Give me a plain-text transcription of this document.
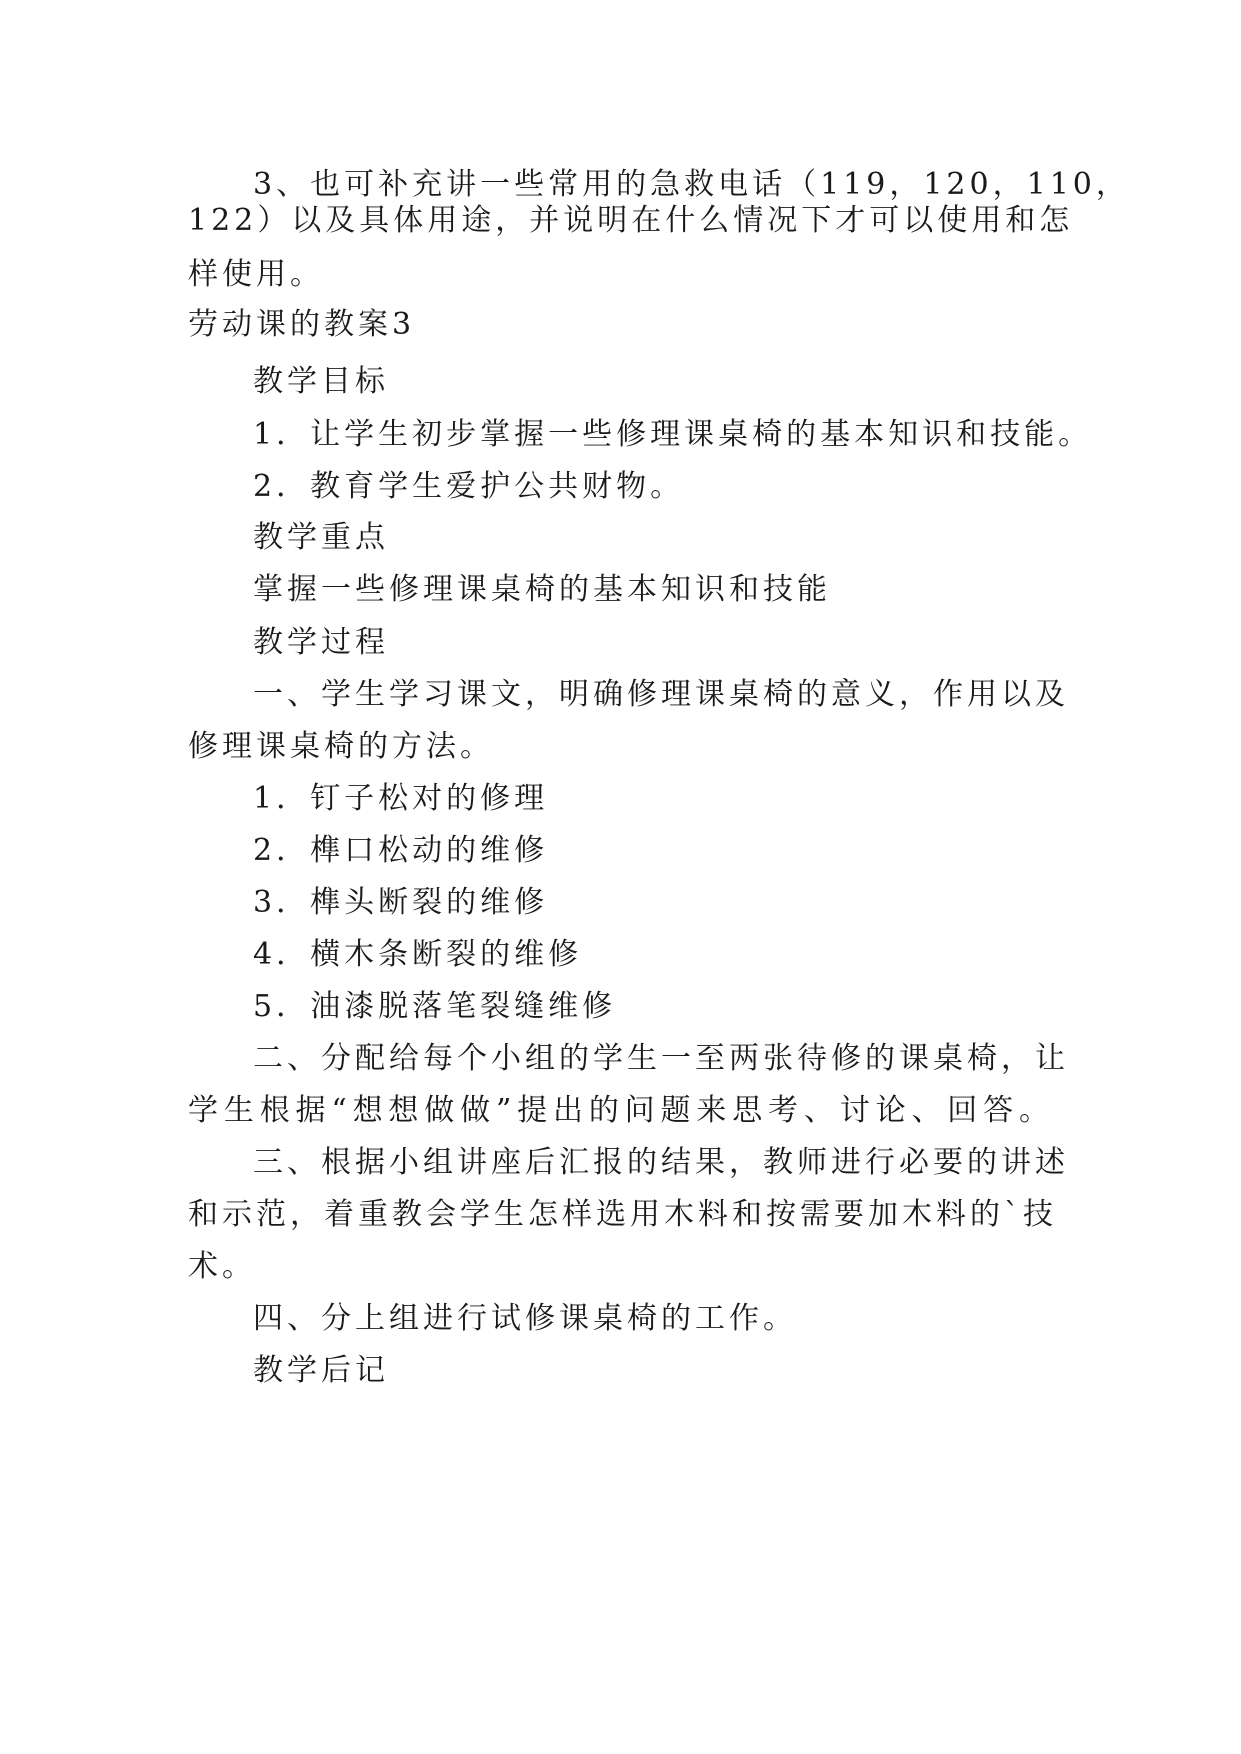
3、也可补充讲一些常用的急救电话（119，120，110，
122）以及具体用途，并说明在什么情况下才可以使用和怎
样使用。
劳动课的教案3
教学目标
1．让学生初步掌握一些修理课桌椅的基本知识和技能。
2．教育学生爱护公共财物。
教学重点
掌握一些修理课桌椅的基本知识和技能
教学过程
一、学生学习课文，明确修理课桌椅的意义，作用以及
修理课桌椅的方法。
1．钉子松对的修理
2．榫口松动的维修
3．榫头断裂的维修
4．横木条断裂的维修
5．油漆脱落笔裂缝维修
二、分配给每个小组的学生一至两张待修的课桌椅，让
学生根据“想想做做”提出的问题来思考、讨论、回答。
三、根据小组讲座后汇报的结果，教师进行必要的讲述
和示范，着重教会学生怎样选用木料和按需要加木料的`技
术。
四、分上组进行试修课桌椅的工作。
教学后记
